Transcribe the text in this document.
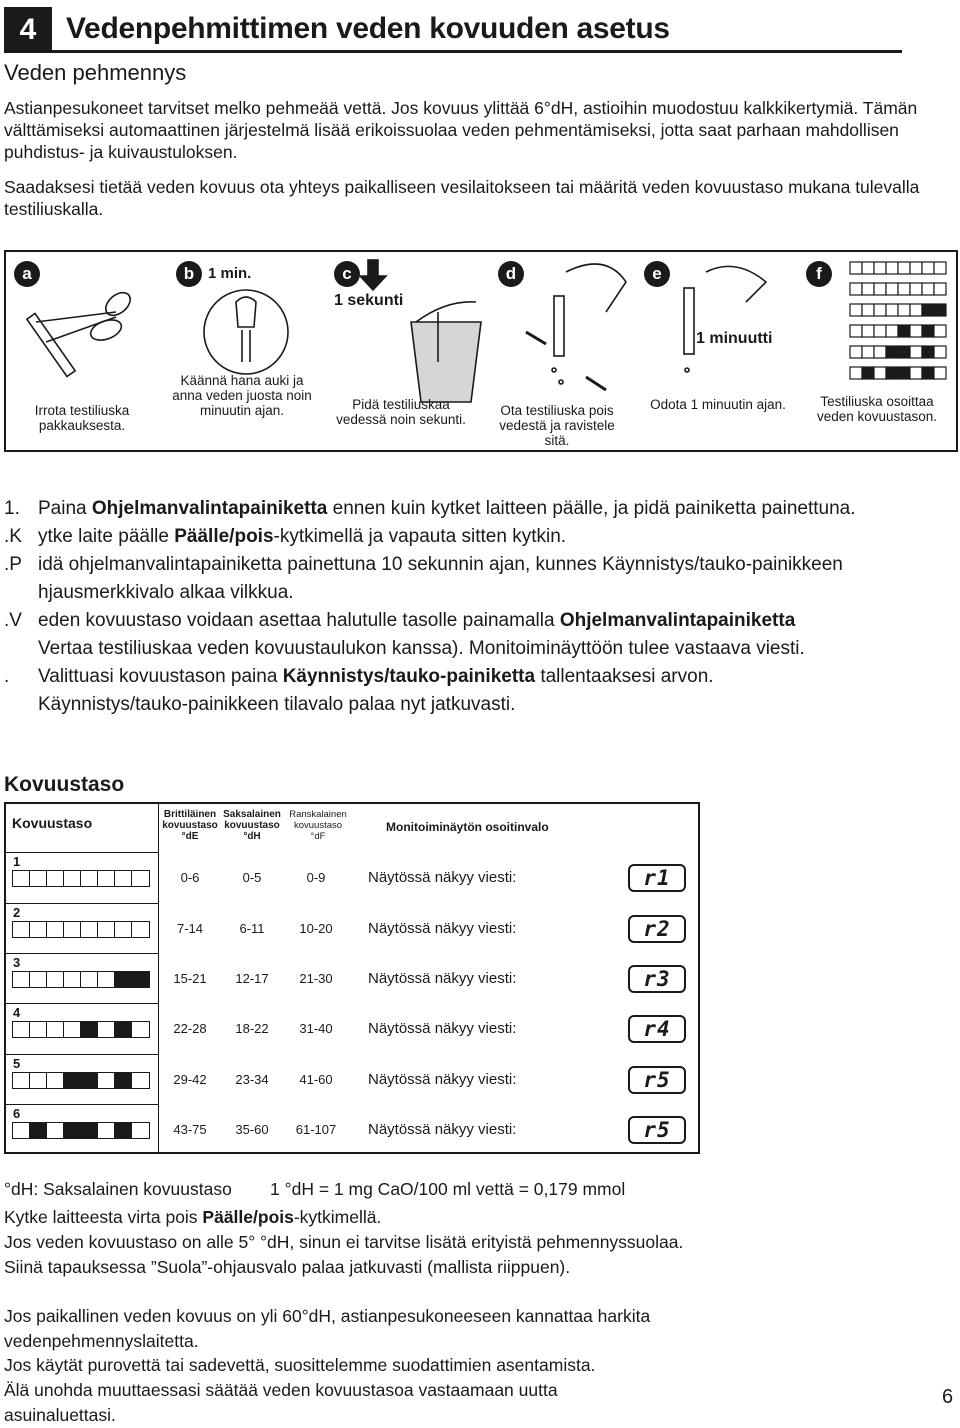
4 Vedenpehmittimen veden kovuuden asetus
Veden pehmennys
Astianpesukoneet tarvitset melko pehmeää vettä. Jos kovuus ylittää 6°dH, astioihin muodostuu kalkkikertymiä. Tämän välttämiseksi automaattinen järjestelmä lisää erikoissuolaa veden pehmentämiseksi, jotta saat parhaan mahdollisen puhdistus- ja kuivaustuloksen.
Saadaksesi tietää veden kovuus ota yhteys paikalliseen vesilaitokseen tai määritä veden kovuustaso mukana tulevalla testiliuskalla.
a	b	c	d	e	f
1 min.
1 sekunti
1 minuutti
Irrota testiliuska pakkauksesta.
Käännä hana auki ja anna veden juosta noin minuutin ajan.	Pidä testiliuskaa vedessä noin sekunti.
Ota testiliuska pois vedestä ja ravistele sitä.
Odota 1 minuutin ajan.	Testiliuska osoittaa veden kovuustason.
1. Paina Ohjelmanvalintapainiketta ennen kuin kytket laitteen päälle, ja pidä painiketta painettuna.
.K ytke laite päälle Päälle/pois-kytkimellä ja vapauta sitten kytkin.
.P idä ohjelmanvalintapainiketta painettuna 10 sekunnin ajan, kunnes Käynnistys/tauko-painikkeen
hjausmerkkivalo alkaa vilkkua.
.V eden kovuustaso voidaan asettaa halutulle tasolle painamalla Ohjelmanvalintapainiketta
Vertaa testiliuskaa veden kovuustaulukon kanssa). Monitoiminäyttöön tulee vastaava viesti.
. Valittuasi kovuustason paina Käynnistys/tauko-painiketta tallentaaksesi arvon.
Käynnistys/tauko-painikkeen tilavalo palaa nyt jatkuvasti.
Kovuustaso
Kovuustaso
Brittiläinen kovuustaso °dE
Saksalainen kovuustaso °dH
Ranskalainen kovuustaso °dF
Monitoiminäytön osoitinvalo
1
0-6	0-5	0-9	Näytössä näkyy viesti:	r1
2
7-14	6-11	10-20	Näytössä näkyy viesti:	r2
3
15-21	12-17	21-30	Näytössä näkyy viesti:	r3
4
22-28	18-22	31-40	Näytössä näkyy viesti:	r4
5
29-42	23-34	41-60	Näytössä näkyy viesti:	r5
6
43-75	35-60	61-107	Näytössä näkyy viesti:	r5
°dH: Saksalainen kovuustaso 1 °dH = 1 mg CaO/100 ml vettä = 0,179 mmol
Kytke laitteesta virta pois Päälle/pois-kytkimellä.
Jos veden kovuustaso on alle 5° °dH, sinun ei tarvitse lisätä erityistä pehmennyssuolaa. Siinä tapauksessa ”Suola”-ohjausvalo palaa jatkuvasti (mallista riippuen).
Jos paikallinen veden kovuus on yli 60°dH, astianpesukoneeseen kannattaa harkita vedenpehmennyslaitetta.
Jos käytät purovettä tai sadevettä, suosittelemme suodattimien asentamista.
Älä unohda muuttaessasi säätää veden kovuustasoa vastaamaan uutta asuinaluettasi.
6
